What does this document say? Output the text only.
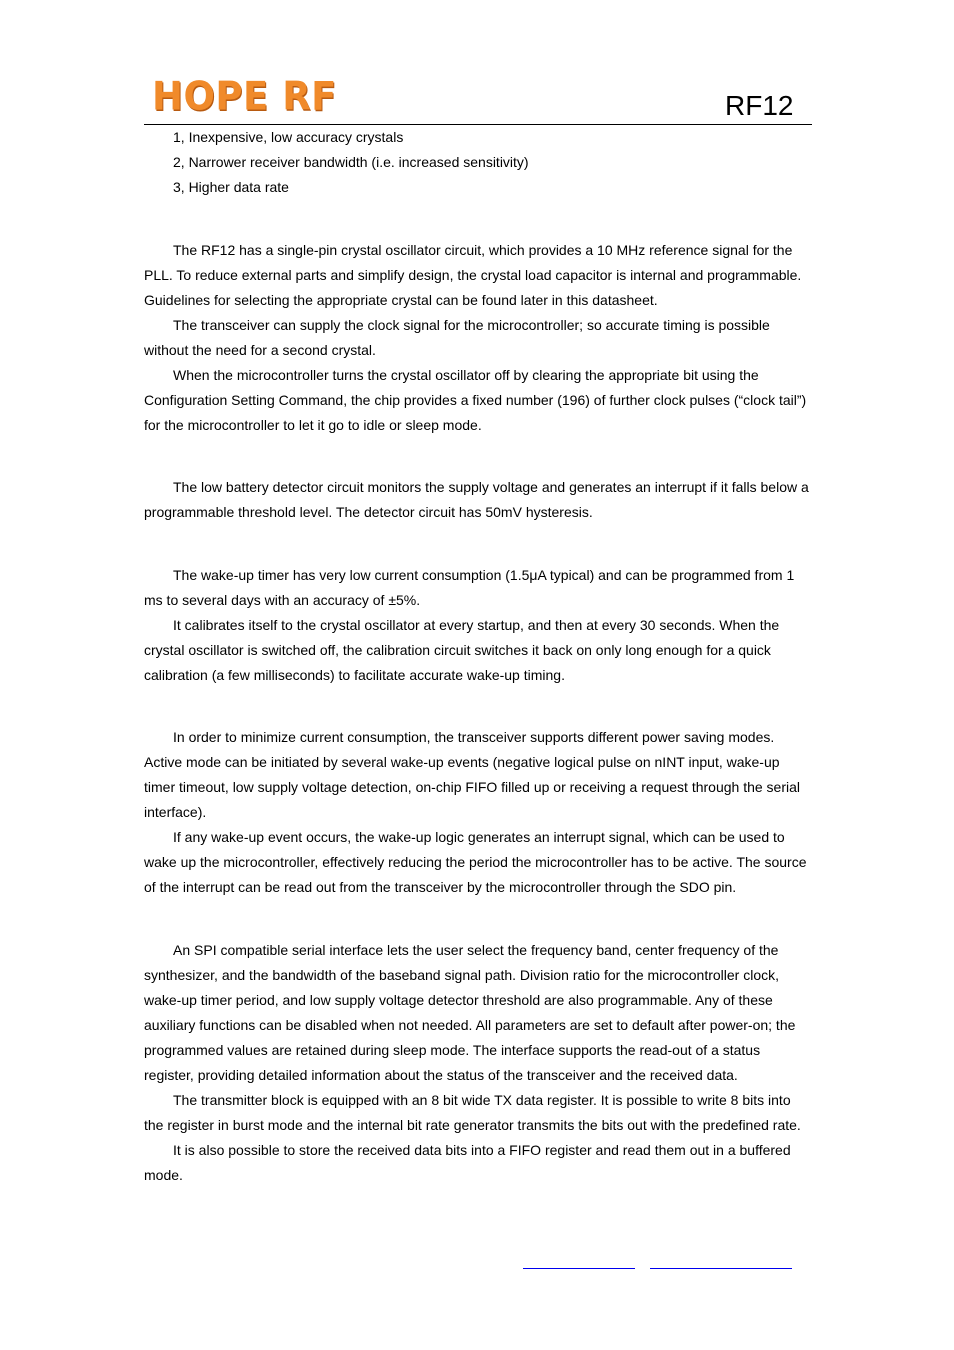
HOPE RF	RF12

1, Inexpensive, low accuracy crystals

2, Narrower receiver bandwidth (i.e. increased sensitivity)

3, Higher data rate

The RF12 has a single-pin crystal oscillator circuit, which provides a 10 MHz reference signal for the PLL. To reduce external parts and simplify design, the crystal load capacitor is internal and programmable. Guidelines for selecting the appropriate crystal can be found later in this datasheet.

The transceiver can supply the clock signal for the microcontroller; so accurate timing is possible without the need for a second crystal.

When the microcontroller turns the crystal oscillator off by clearing the appropriate bit using the Configuration Setting Command, the chip provides a fixed number (196) of further clock pulses (“clock tail”) for the microcontroller to let it go to idle or sleep mode.

The low battery detector circuit monitors the supply voltage and generates an interrupt if it falls below a programmable threshold level. The detector circuit has 50mV hysteresis.

The wake-up timer has very low current consumption (1.5μA typical) and can be programmed from 1 ms to several days with an accuracy of ±5%.

It calibrates itself to the crystal oscillator at every startup, and then at every 30 seconds. When the crystal oscillator is switched off, the calibration circuit switches it back on only long enough for a quick calibration (a few milliseconds) to facilitate accurate wake-up timing.

In order to minimize current consumption, the transceiver supports different power saving modes. Active mode can be initiated by several wake-up events (negative logical pulse on nINT input, wake-up timer timeout, low supply voltage detection, on-chip FIFO filled up or receiving a request through the serial interface).

If any wake-up event occurs, the wake-up logic generates an interrupt signal, which can be used to wake up the microcontroller, effectively reducing the period the microcontroller has to be active. The source of the interrupt can be read out from the transceiver by the microcontroller through the SDO pin.

An SPI compatible serial interface lets the user select the frequency band, center frequency of the synthesizer, and the bandwidth of the baseband signal path. Division ratio for the microcontroller clock, wake-up timer period, and low supply voltage detector threshold are also programmable. Any of these auxiliary functions can be disabled when not needed. All parameters are set to default after power-on; the programmed values are retained during sleep mode. The interface supports the read-out of a status register, providing detailed information about the status of the transceiver and the received data.

The transmitter block is equipped with an 8 bit wide TX data register. It is possible to write 8 bits into the register in burst mode and the internal bit rate generator transmits the bits out with the predefined rate.

It is also possible to store the received data bits into a FIFO register and read them out in a buffered mode.
